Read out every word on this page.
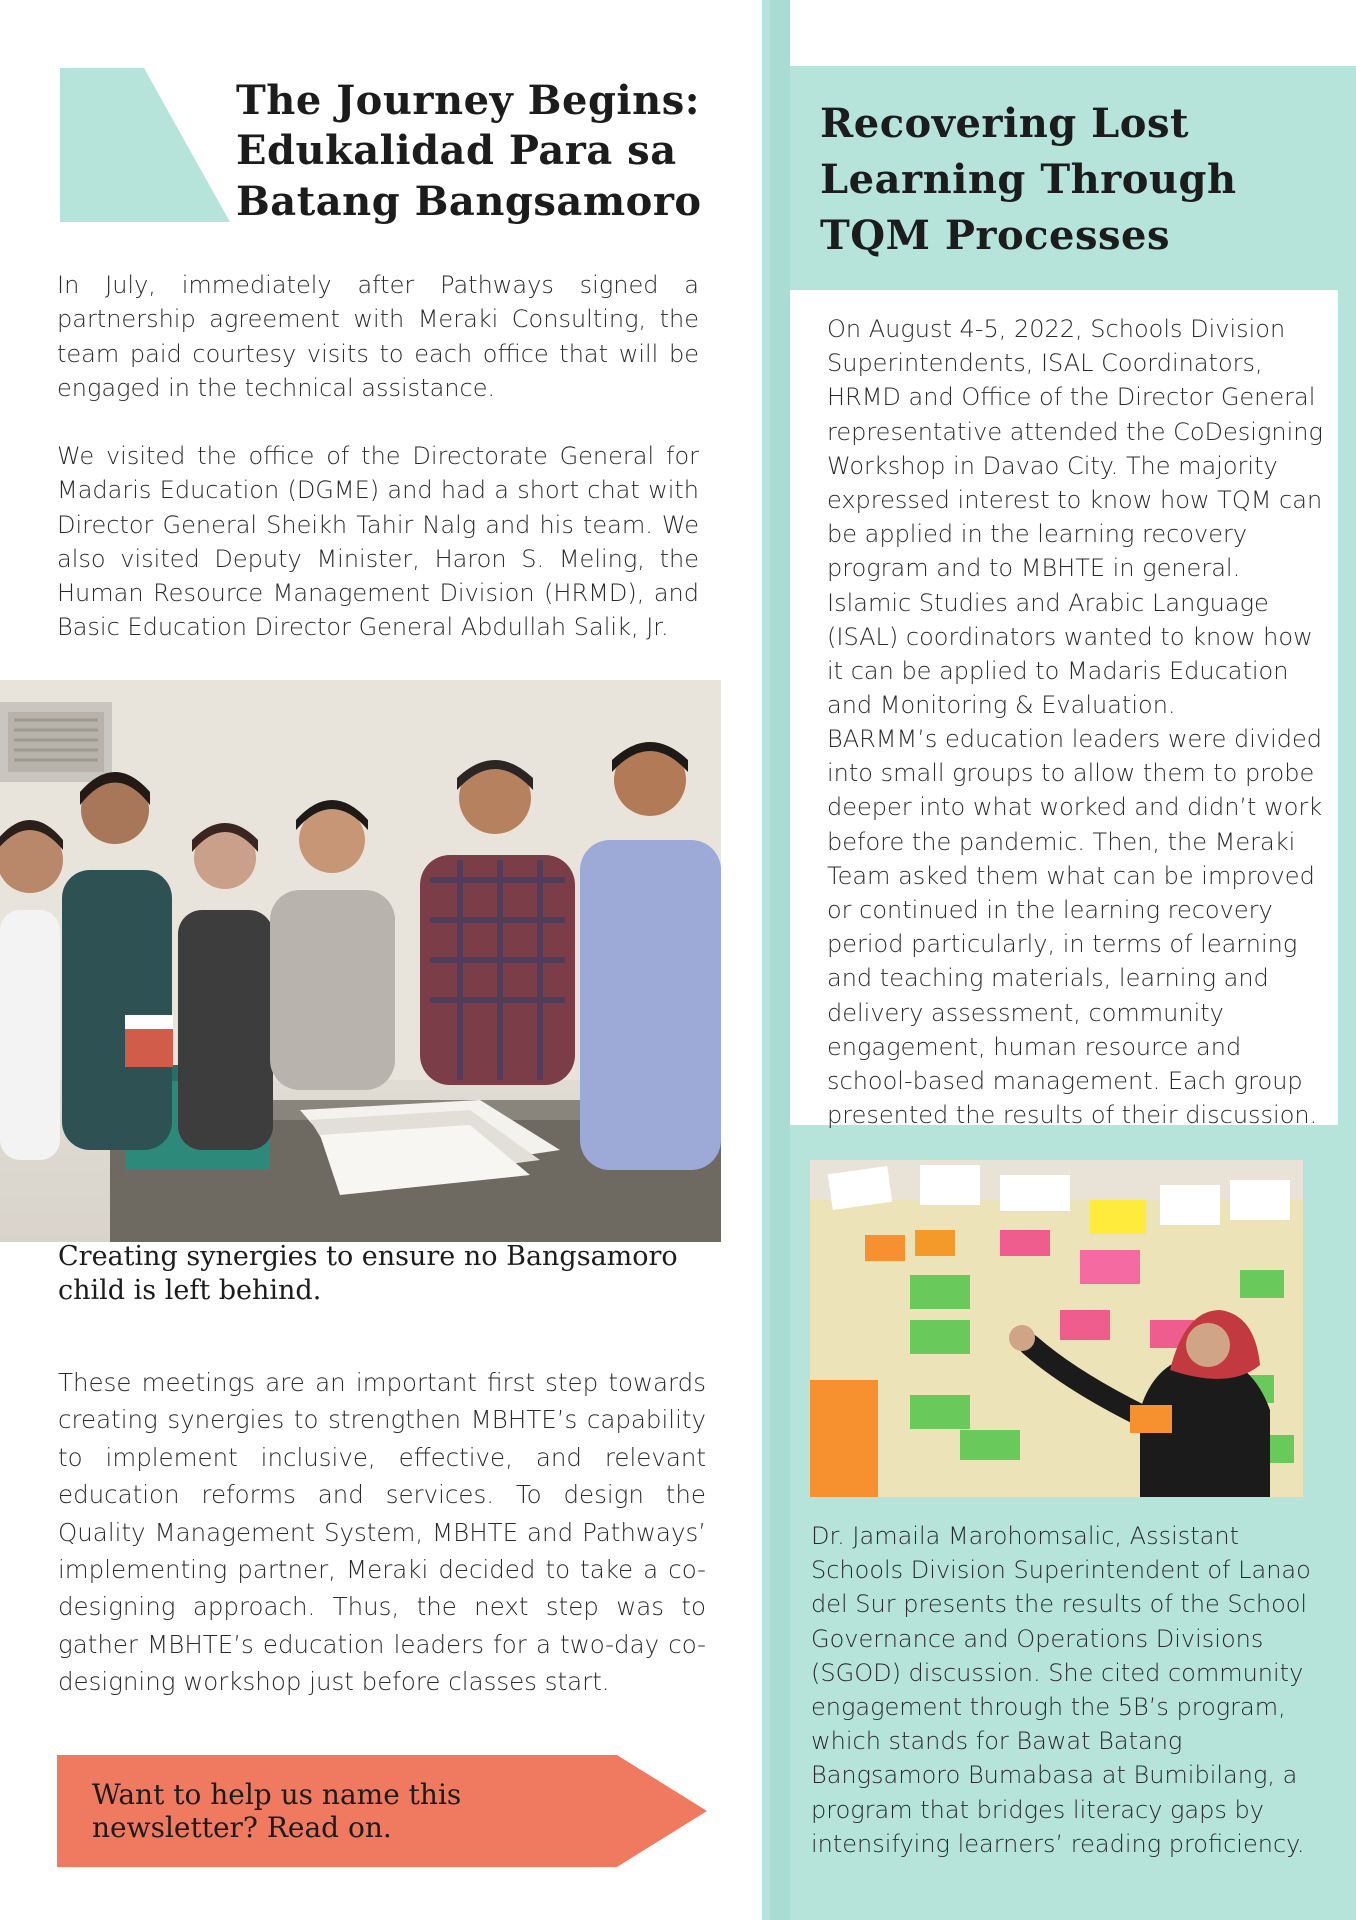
The Journey Begins:
Edukalidad Para sa
Batang Bangsamoro
In July, immediately after Pathways signed a partnership agreement with Meraki Consulting, the team paid courtesy visits to each office that will be engaged in the technical assistance.
We visited the office of the Directorate General for Madaris Education (DGME) and had a short chat with Director General Sheikh Tahir Nalg and his team. We also visited Deputy Minister, Haron S. Meling, the Human Resource Management Division (HRMD), and Basic Education Director General Abdullah Salik, Jr.
Creating synergies to ensure no Bangsamoro
child is left behind.
These meetings are an important first step towards creating synergies to strengthen MBHTE’s capability to implement inclusive, effective, and relevant education reforms and services. To design the Quality Management System, MBHTE and Pathways’ implementing partner, Meraki decided to take a co-designing approach. Thus, the next step was to gather MBHTE’s education leaders for a two-day co-designing workshop just before classes start.
Want to help us name this
newsletter? Read on.
Recovering Lost
Learning Through
TQM Processes
On August 4-5, 2022, Schools Division Superintendents, ISAL Coordinators, HRMD and Office of the Director General representative attended the CoDesigning Workshop in Davao City. The majority expressed interest to know how TQM can be applied in the learning recovery program and to MBHTE in general. Islamic Studies and Arabic Language (ISAL) coordinators wanted to know how it can be applied to Madaris Education and Monitoring & Evaluation.
BARMM’s education leaders were divided into small groups to allow them to probe deeper into what worked and didn’t work before the pandemic. Then, the Meraki Team asked them what can be improved or continued in the learning recovery period particularly, in terms of learning and teaching materials, learning and delivery assessment, community engagement, human resource and school-based management. Each group presented the results of their discussion.
Dr. Jamaila Marohomsalic, Assistant Schools Division Superintendent of Lanao del Sur presents the results of the School Governance and Operations Divisions (SGOD) discussion. She cited community engagement through the 5B’s program, which stands for Bawat Batang Bangsamoro Bumabasa at Bumibilang, a program that bridges literacy gaps by intensifying learners’ reading proficiency.
